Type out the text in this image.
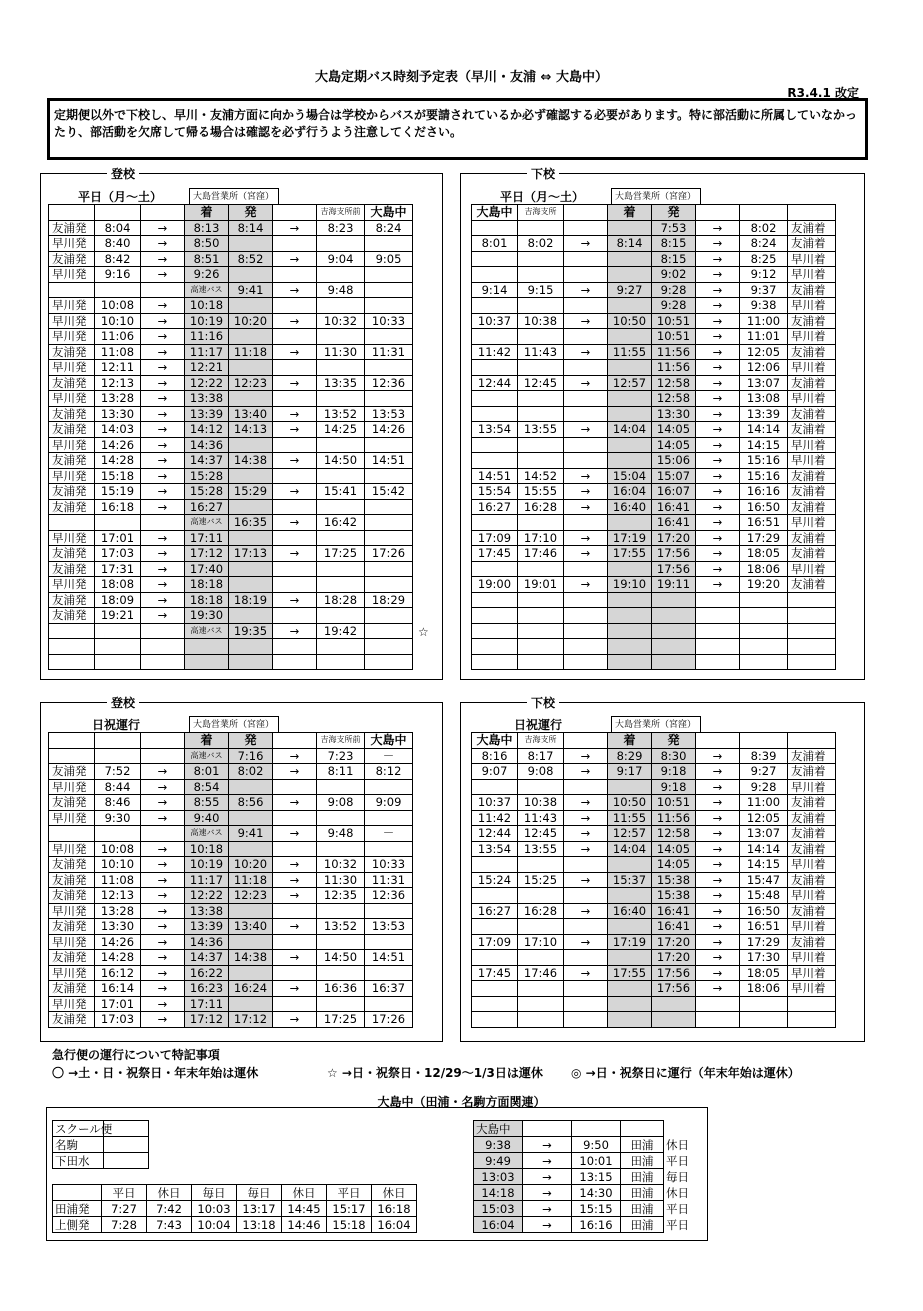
大島定期バス時刻予定表（早川・友浦 ⇔ 大島中）
R3.4.1 改定
定期便以外で下校し、早川・友浦方面に向かう場合は学校からバスが要請されているか必ず確認する必要があります。特に部活動に所属していなかったり、部活動を欠席して帰る場合は確認を必ず行うよう注意してください。
登校	下校
平日（月～土）	平日（月～土）
大島営業所（宮窪）	大島営業所（宮窪）
			着	発		吉海支所前	大島中
友浦発	8:04	→	8:13	8:14	→	8:23	8:24
早川発	8:40	→	8:50				
友浦発	8:42	→	8:51	8:52	→	9:04	9:05
早川発	9:16	→	9:26				
			高速バス	9:41	→	9:48	
早川発	10:08	→	10:18				
早川発	10:10	→	10:19	10:20	→	10:32	10:33
早川発	11:06	→	11:16				
友浦発	11:08	→	11:17	11:18	→	11:30	11:31
早川発	12:11	→	12:21				
友浦発	12:13	→	12:22	12:23	→	13:35	12:36
早川発	13:28	→	13:38				
友浦発	13:30	→	13:39	13:40	→	13:52	13:53
友浦発	14:03	→	14:12	14:13	→	14:25	14:26
早川発	14:26	→	14:36				
友浦発	14:28	→	14:37	14:38	→	14:50	14:51
早川発	15:18	→	15:28				
友浦発	15:19	→	15:28	15:29	→	15:41	15:42
友浦発	16:18	→	16:27				
			高速バス	16:35	→	16:42	
早川発	17:01	→	17:11				
友浦発	17:03	→	17:12	17:13	→	17:25	17:26
友浦発	17:31	→	17:40				
早川発	18:08	→	18:18				
友浦発	18:09	→	18:18	18:19	→	18:28	18:29
友浦発	19:21	→	19:30				
			高速バス	19:35	→	19:42	

大島中	吉海支所		着	発			
				7:53	→	8:02	友浦着
8:01	8:02	→	8:14	8:15	→	8:24	友浦着
				8:15	→	8:25	早川着
				9:02	→	9:12	早川着
9:14	9:15	→	9:27	9:28	→	9:37	友浦着
				9:28	→	9:38	早川着
10:37	10:38	→	10:50	10:51	→	11:00	友浦着
				10:51	→	11:01	早川着
11:42	11:43	→	11:55	11:56	→	12:05	友浦着
				11:56	→	12:06	早川着
12:44	12:45	→	12:57	12:58	→	13:07	友浦着
				12:58	→	13:08	早川着
				13:30	→	13:39	友浦着
13:54	13:55	→	14:04	14:05	→	14:14	友浦着
				14:05	→	14:15	早川着
				15:06	→	15:16	早川着
14:51	14:52	→	15:04	15:07	→	15:16	友浦着
15:54	15:55	→	16:04	16:07	→	16:16	友浦着
16:27	16:28	→	16:40	16:41	→	16:50	友浦着
				16:41	→	16:51	早川着
17:09	17:10	→	17:19	17:20	→	17:29	友浦着
17:45	17:46	→	17:55	17:56	→	18:05	友浦着
				17:56	→	18:06	早川着
19:00	19:01	→	19:10	19:11	→	19:20	友浦着

☆
登校	下校
日祝運行	日祝運行
大島営業所（宮窪）	大島営業所（宮窪）
			着	発		吉海支所前	大島中
			高速バス	7:16	→	7:23	－
友浦発	7:52	→	8:01	8:02	→	8:11	8:12
早川発	8:44	→	8:54				
友浦発	8:46	→	8:55	8:56	→	9:08	9:09
早川発	9:30	→	9:40				
			高速バス	9:41	→	9:48	－
早川発	10:08	→	10:18				
友浦発	10:10	→	10:19	10:20	→	10:32	10:33
友浦発	11:08	→	11:17	11:18	→	11:30	11:31
友浦発	12:13	→	12:22	12:23	→	12:35	12:36
早川発	13:28	→	13:38				
友浦発	13:30	→	13:39	13:40	→	13:52	13:53
早川発	14:26	→	14:36				
友浦発	14:28	→	14:37	14:38	→	14:50	14:51
早川発	16:12	→	16:22				
友浦発	16:14	→	16:23	16:24	→	16:36	16:37
早川発	17:01	→	17:11				
友浦発	17:03	→	17:12	17:12	→	17:25	17:26
大島中	吉海支所		着	発			
8:16	8:17	→	8:29	8:30	→	8:39	友浦着
9:07	9:08	→	9:17	9:18	→	9:27	友浦着
				9:18	→	9:28	早川着
10:37	10:38	→	10:50	10:51	→	11:00	友浦着
11:42	11:43	→	11:55	11:56	→	12:05	友浦着
12:44	12:45	→	12:57	12:58	→	13:07	友浦着
13:54	13:55	→	14:04	14:05	→	14:14	友浦着
				14:05	→	14:15	早川着
15:24	15:25	→	15:37	15:38	→	15:47	友浦着
				15:38	→	15:48	早川着
16:27	16:28	→	16:40	16:41	→	16:50	友浦着
				16:41	→	16:51	早川着
17:09	17:10	→	17:19	17:20	→	17:29	友浦着
				17:20	→	17:30	早川着
17:45	17:46	→	17:55	17:56	→	18:05	早川着
				17:56	→	18:06	早川着

急行便の運行について特記事項
〇 →土・日・祝祭日・年末年始は運休	☆ →日・祝祭日・12/29～1/3日は運休 ◎ →日・祝祭日に運行（年末年始は運休）
大島中（田浦・名駒方面関連）
スクール便	
名駒	
下田水	
	平日	休日	毎日	毎日	休日	平日	休日
田浦発	7:27	7:42	10:03	13:17	14:45	15:17	16:18
上側発	7:28	7:43	10:04	13:18	14:46	15:18	16:04
大島中				
9:38	→	9:50	田浦	休日
9:49	→	10:01	田浦	平日
13:03	→	13:15	田浦	毎日
14:18	→	14:30	田浦	休日
15:03	→	15:15	田浦	平日
16:04	→	16:16	田浦	平日
